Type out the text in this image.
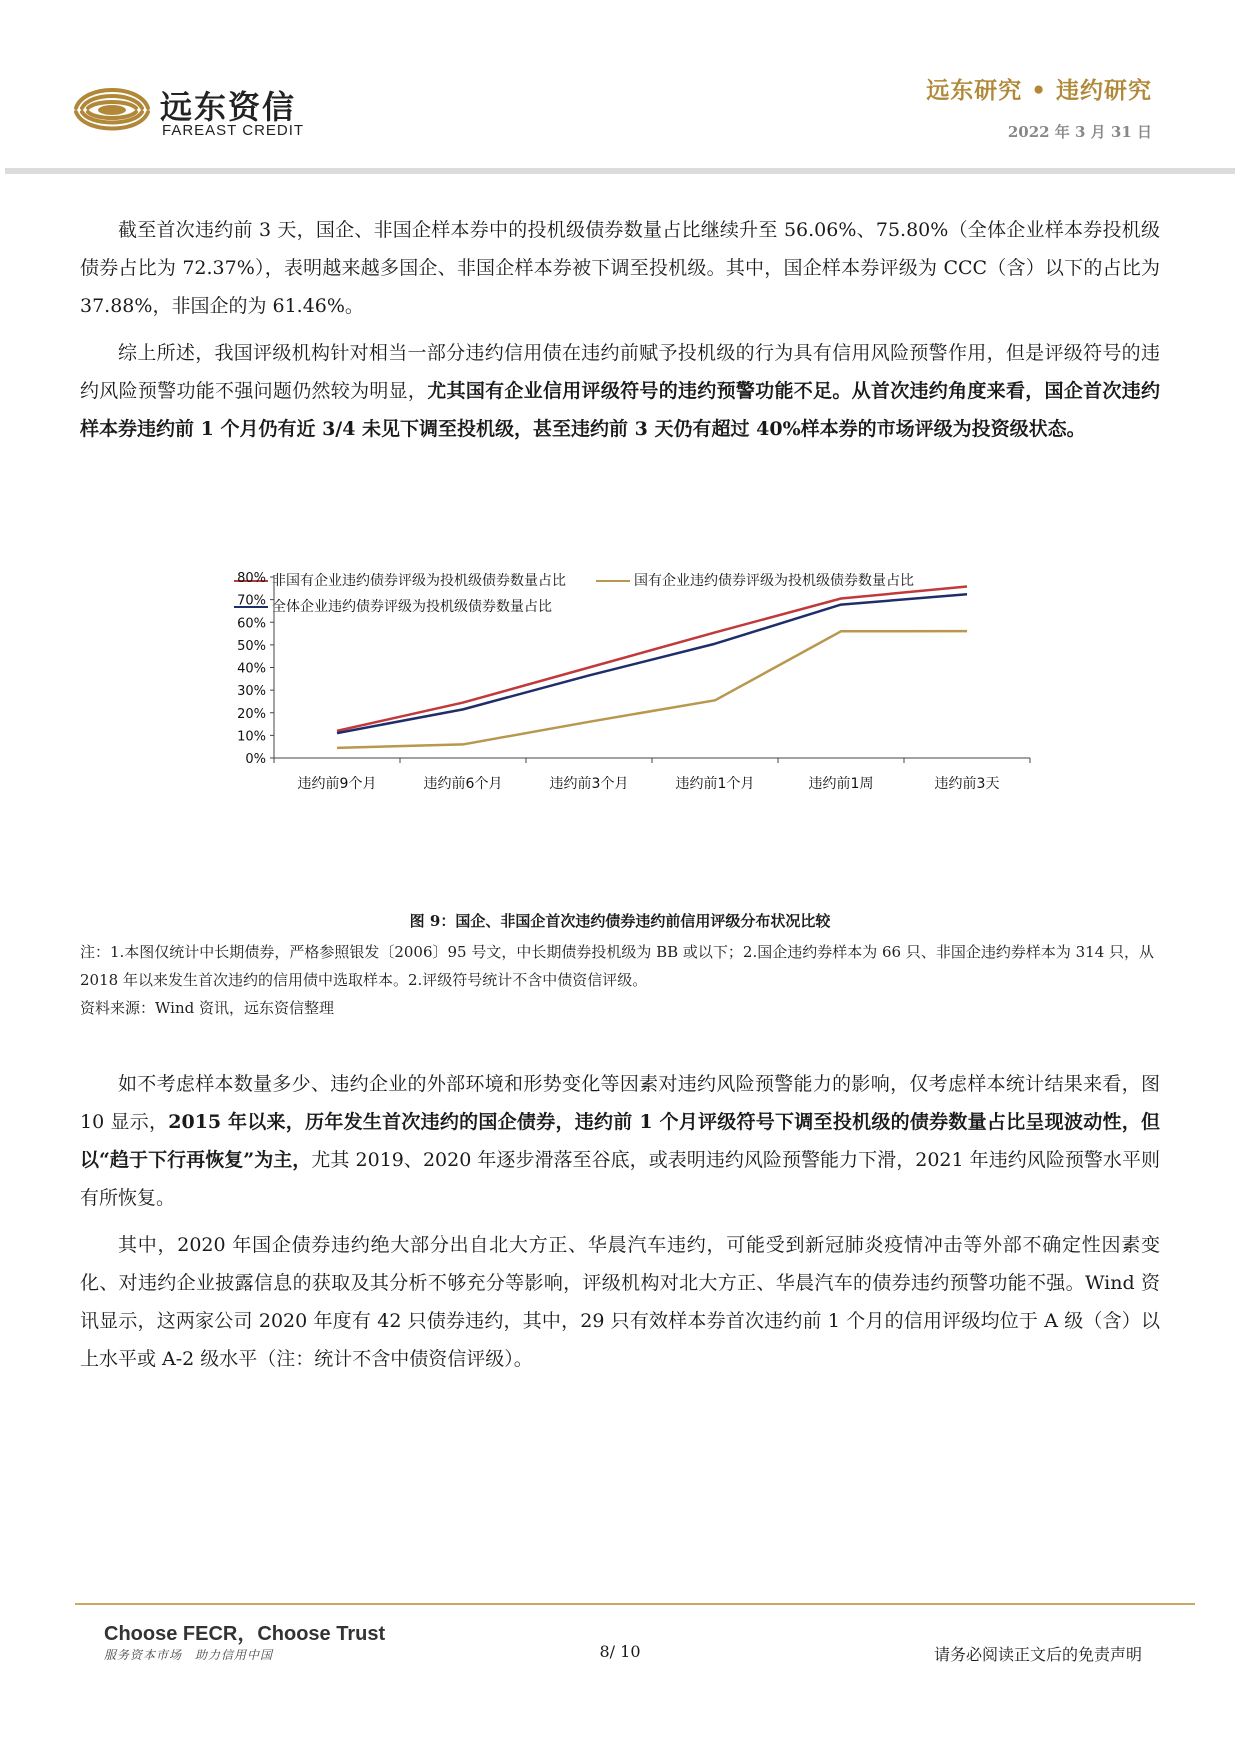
远东资信
FAREAST CREDIT
远东研究 • 违约研究
2022 年 3 月 31 日
截至首次违约前 3 天，国企、非国企样本券中的投机级债券数量占比继续升至 56.06%、75.80%（全体企业样本券投机级债券占比为 72.37%），表明越来越多国企、非国企样本券被下调至投机级。其中，国企样本券评级为 CCC（含）以下的占比为 37.88%，非国企的为 61.46%。
综上所述，我国评级机构针对相当一部分违约信用债在违约前赋予投机级的行为具有信用风险预警作用，但是评级符号的违约风险预警功能不强问题仍然较为明显，尤其国有企业信用评级符号的违约预警功能不足。从首次违约角度来看，国企首次违约样本券违约前 1 个月仍有近 3/4 未见下调至投机级，甚至违约前 3 天仍有超过 40%样本券的市场评级为投资级状态。
非国有企业违约债券评级为投机级债券数量占比	国有企业违约债券评级为投机级债券数量占比
全体企业违约债券评级为投机级债券数量占比
0%
10%
20%
30%
40%
50%
60%
70%
80%
违约前9个月	违约前6个月	违约前3个月	违约前1个月	违约前1周	违约前3天
图 9：国企、非国企首次违约债券违约前信用评级分布状况比较
注：1.本图仅统计中长期债券，严格参照银发〔2006〕95 号文，中长期债券投机级为 BB 或以下；2.国企违约券样本为 66 只、非国企违约券样本为 314 只，从 2018 年以来发生首次违约的信用债中选取样本。2.评级符号统计不含中债资信评级。
资料来源：Wind 资讯，远东资信整理
如不考虑样本数量多少、违约企业的外部环境和形势变化等因素对违约风险预警能力的影响，仅考虑样本统计结果来看，图 10 显示，2015 年以来，历年发生首次违约的国企债券，违约前 1 个月评级符号下调至投机级的债券数量占比呈现波动性，但以“趋于下行再恢复”为主，尤其 2019、2020 年逐步滑落至谷底，或表明违约风险预警能力下滑，2021 年违约风险预警水平则有所恢复。
其中，2020 年国企债券违约绝大部分出自北大方正、华晨汽车违约，可能受到新冠肺炎疫情冲击等外部不确定性因素变化、对违约企业披露信息的获取及其分析不够充分等影响，评级机构对北大方正、华晨汽车的债券违约预警功能不强。Wind 资讯显示，这两家公司 2020 年度有 42 只债券违约，其中，29 只有效样本券首次违约前 1 个月的信用评级均位于 A 级（含）以上水平或 A-2 级水平（注：统计不含中债资信评级）。
Choose FECR，Choose Trust
服务资本市场　助力信用中国	8/ 10	请务必阅读正文后的免责声明
